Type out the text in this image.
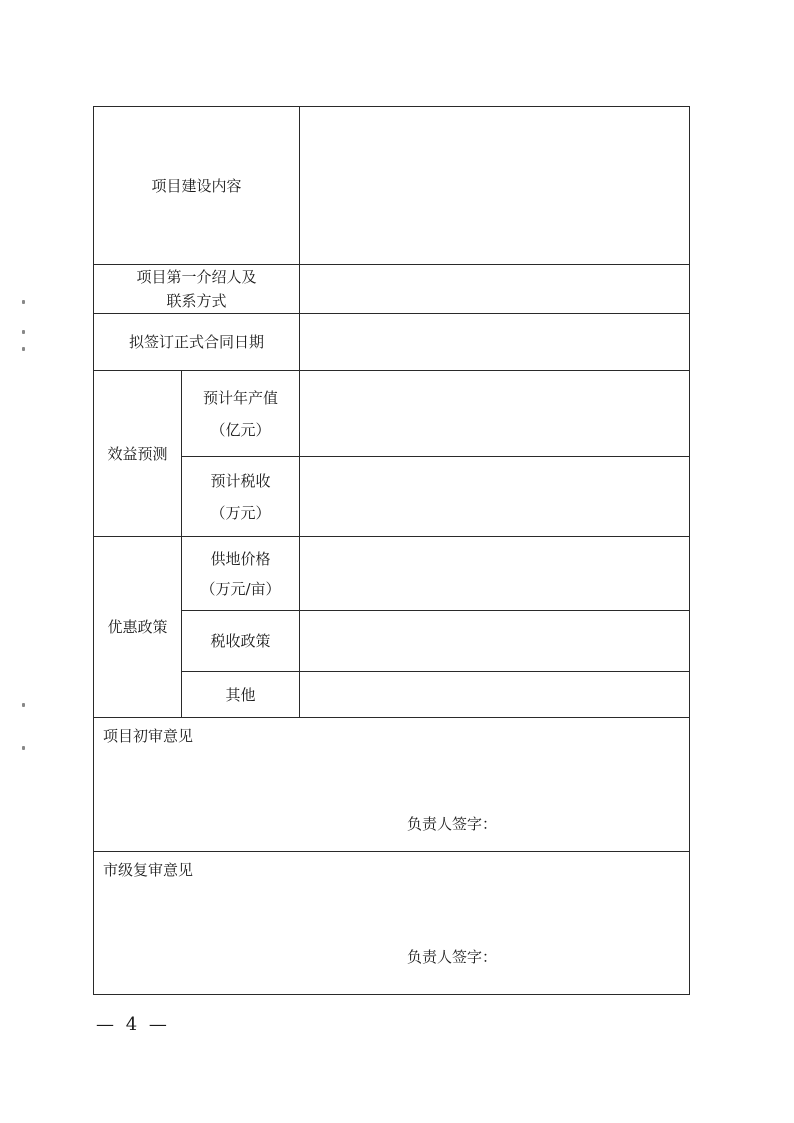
项目建设内容		

项目第一介绍人及
联系方式		

拟签订正式合同日期		
效益预测	预计年产值
（亿元）	

	预计税收
（万元）	

优惠政策	供地价格
（万元/亩）	

	税收政策	
	其他	

项目初审意见
负责人签字：		

市级复审意见
负责人签字：		
— 4 —
